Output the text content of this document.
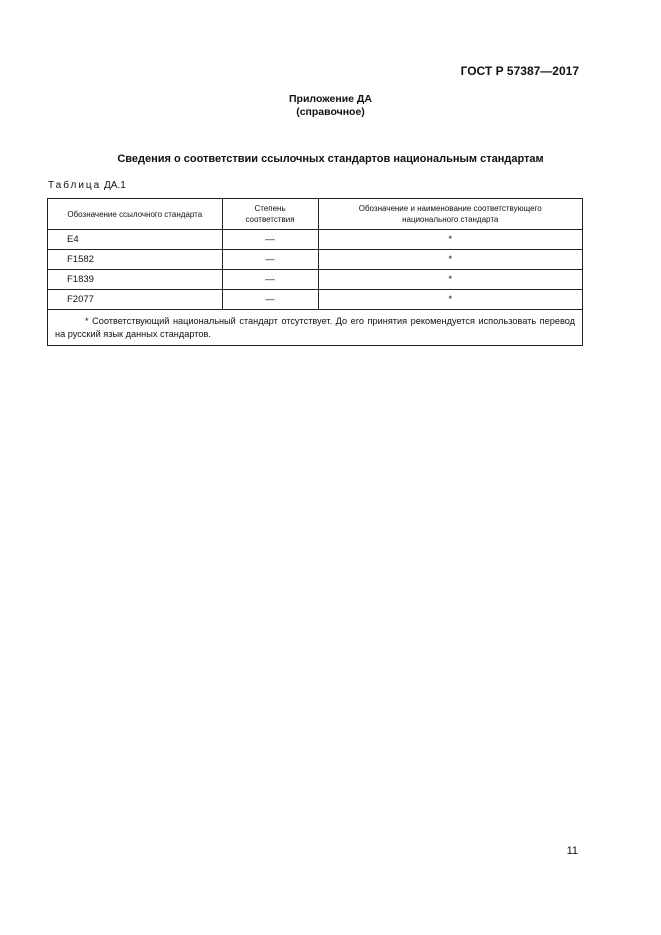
ГОСТ Р 57387—2017
Приложение ДА
(справочное)
Сведения о соответствии ссылочных стандартов национальным стандартам
Таблица ДА.1
Обозначение ссылочного стандарта	Степень соответствия	Обозначение и наименование соответствующего национального стандарта
E4	—	*
F1582	—	*
F1839	—	*
F2077	—	*
* Соответствующий национальный стандарт отсутствует. До его принятия рекомендуется использовать перевод на русский язык данных стандартов.		
11
